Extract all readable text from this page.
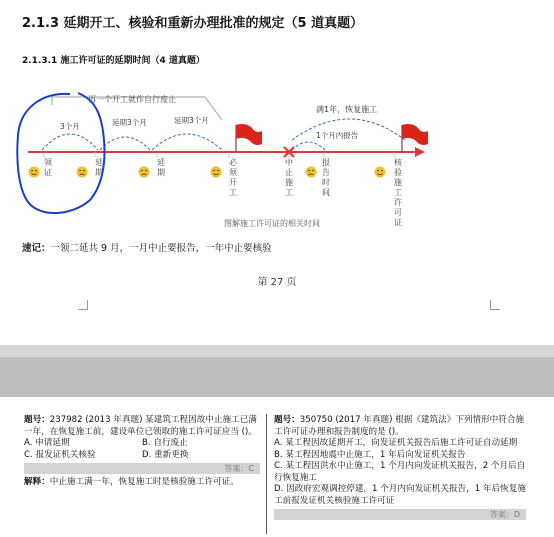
2.1.3 延期开工、核验和重新办理批准的规定（5 道真题）
2.1.3.1 施工许可证的延期时间（4 道真题）
再一个开工就作自行废止
3个月	延期3个月	延期3个月
满1年，恢复施工
1个月内报告
领证
延期
延期
必须开工
中止施工
报告时间
核验施工许可证
图解施工许可证的相关时间
速记：一领二延共 9 月，一月中止要报告，一年中止要核验
第 27 页
题号：237982 (2013 年真题) 某建筑工程因故中止施工已满一年，在恢复施工前，建设单位已领取的施工许可证应当 ()。
A. 申请延期	B. 自行废止
C. 报发证机关核验	D. 重新更换
答案：C
解释：中止施工满一年，恢复施工时是核验施工许可证。
题号：350750 (2017 年真题) 根据《建筑法》下列情形中符合施工许可证办理和报告制度的是 ()。
A. 某工程因故延期开工，向发证机关报告后施工许可证自动延期
B. 某工程因地震中止施工，1 年后向发证机关报告
C. 某工程因洪水中止施工，1 个月内向发证机关报告，2 个月后自行恢复施工
D. 因政府宏观调控停建，1 个月内向发证机关报告，1 年后恢复施工前报发证机关核验施工许可证
答案：D
